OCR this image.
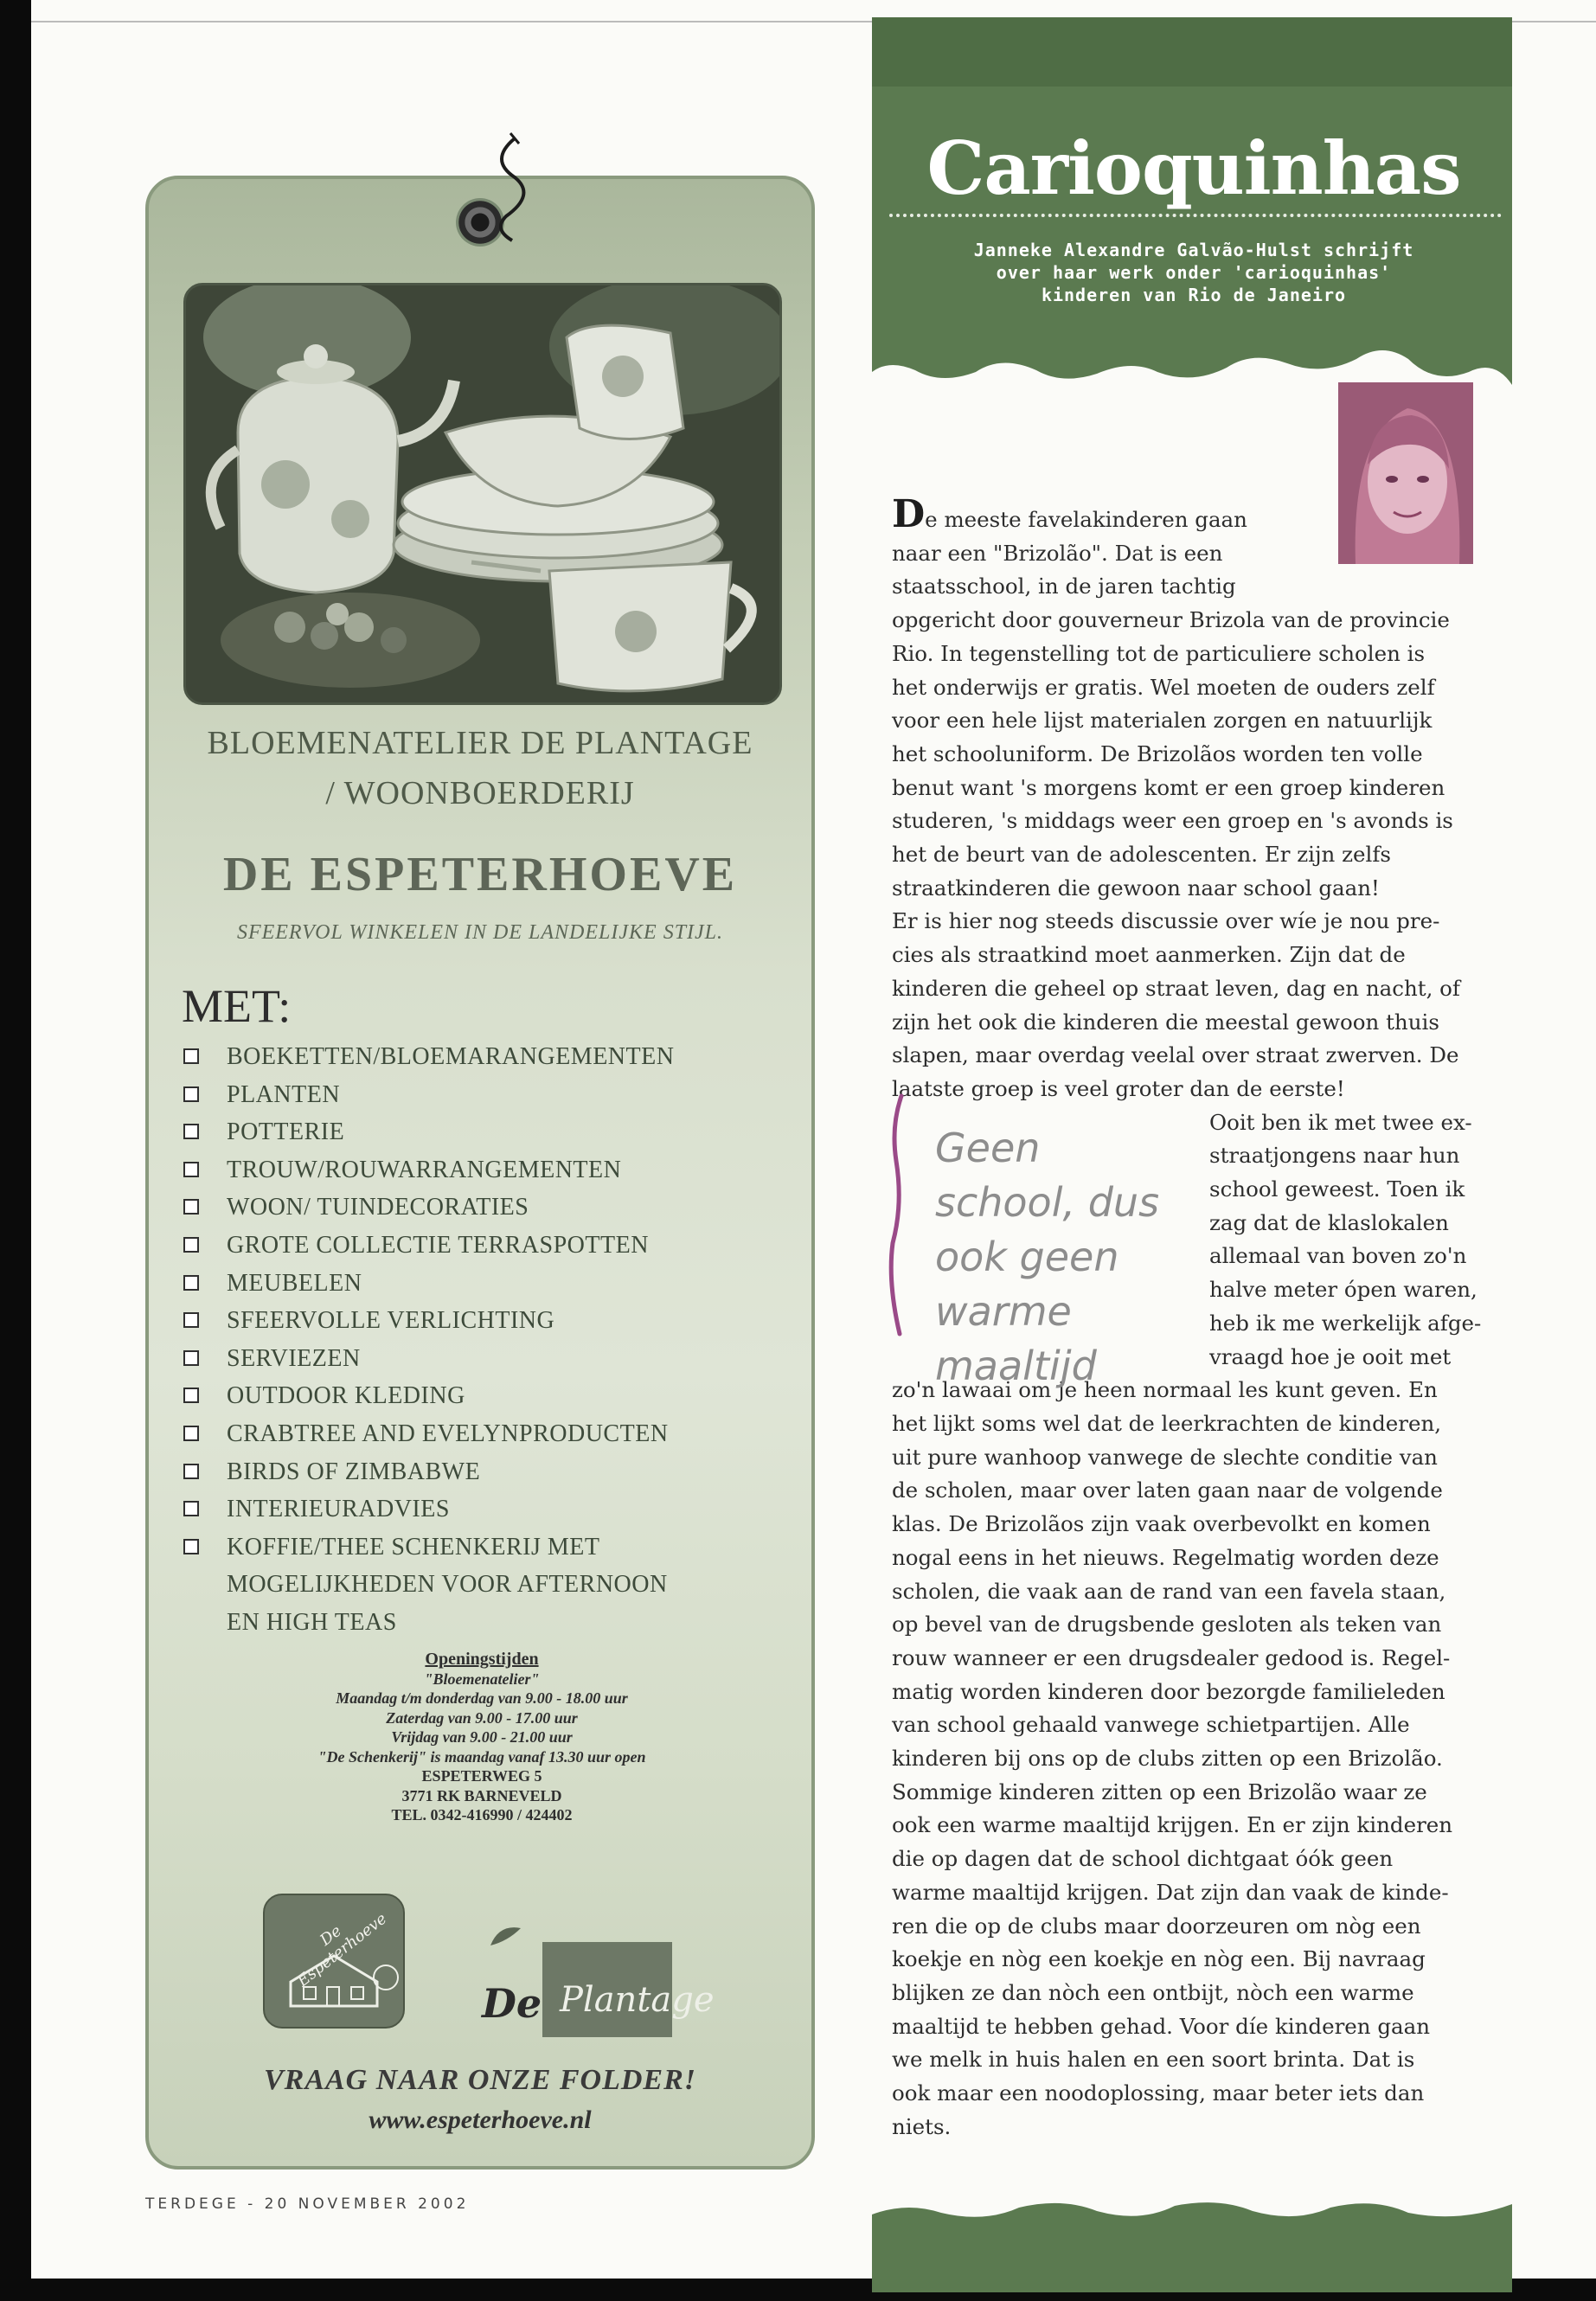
BLOEMENATELIER DE PLANTAGE
/ WOONBOERDERIJ
DE ESPETERHOEVE
SFEERVOL WINKELEN IN DE LANDELIJKE STIJL.
MET:
BOEKETTEN/BLOEMARANGEMENTEN
PLANTEN
POTTERIE
TROUW/ROUWARRANGEMENTEN
WOON/ TUINDECORATIES
GROTE COLLECTIE TERRASPOTTEN
MEUBELEN
SFEERVOLLE VERLICHTING
SERVIEZEN
OUTDOOR KLEDING
CRABTREE AND EVELYNPRODUCTEN
BIRDS OF ZIMBABWE
INTERIEURADVIES
KOFFIE/THEE SCHENKERIJ MET
MOGELIJKHEDEN VOOR AFTERNOON
EN HIGH TEAS
Openingstijden
"Bloemenatelier"
Maandag t/m donderdag van 9.00 - 18.00 uur
Zaterdag van 9.00 - 17.00 uur
Vrijdag van 9.00 - 21.00 uur
"De Schenkerij" is maandag vanaf 13.30 uur open
ESPETERWEG 5
3771 RK BARNEVELD
TEL. 0342-416990 / 424402
De Espeterhoeve
De Plantage
VRAAG NAAR ONZE FOLDER!
www.espeterhoeve.nl
TERDEGE - 20 NOVEMBER 2002
Carioquinhas
Janneke Alexandre Galvão-Hulst schrijft
over haar werk onder 'carioquinhas'
kinderen van Rio de Janeiro

De meeste favelakinderen gaan

naar een "Brizolão". Dat is een

staatsschool, in de jaren tachtig

opgericht door gouverneur Brizola van de provincie

Rio. In tegenstelling tot de particuliere scholen is

het onderwijs er gratis. Wel moeten de ouders zelf

voor een hele lijst materialen zorgen en natuurlijk

het schooluniform. De Brizolãos worden ten volle

benut want 's morgens komt er een groep kinderen

studeren, 's middags weer een groep en 's avonds is

het de beurt van de adolescenten. Er zijn zelfs

straatkinderen die gewoon naar school gaan!

Er is hier nog steeds discussie over wíe je nou pre-

cies als straatkind moet aanmerken. Zijn dat de

kinderen die geheel op straat leven, dag en nacht, of

zijn het ook die kinderen die meestal gewoon thuis

slapen, maar overdag veelal over straat zwerven. De

laatste groep is veel groter dan de eerste!

Ooit ben ik met twee ex-

straatjongens naar hun

school geweest. Toen ik

zag dat de klaslokalen

allemaal van boven zo'n

halve meter ópen waren,

heb ik me werkelijk afge-

vraagd hoe je ooit met

zo'n lawaai om je heen normaal les kunt geven. En

het lijkt soms wel dat de leerkrachten de kinderen,

uit pure wanhoop vanwege de slechte conditie van

de scholen, maar over laten gaan naar de volgende

klas. De Brizolãos zijn vaak overbevolkt en komen

nogal eens in het nieuws. Regelmatig worden deze

scholen, die vaak aan de rand van een favela staan,

op bevel van de drugsbende gesloten als teken van

rouw wanneer er een drugsdealer gedood is. Regel-

matig worden kinderen door bezorgde familieleden

van school gehaald vanwege schietpartijen. Alle

kinderen bij ons op de clubs zitten op een Brizolão.

Sommige kinderen zitten op een Brizolão waar ze

ook een warme maaltijd krijgen. En er zijn kinderen

die op dagen dat de school dichtgaat óók geen

warme maaltijd krijgen. Dat zijn dan vaak de kinde-

ren die op de clubs maar doorzeuren om nòg een

koekje en nòg een koekje en nòg een. Bij navraag

blijken ze dan nòch een ontbijt, nòch een warme

maaltijd te hebben gehad. Voor díe kinderen gaan

we melk in huis halen en een soort brinta. Dat is

ook maar een noodoplossing, maar beter iets dan

niets.

Geen school, dus ook geen warme maaltijd
